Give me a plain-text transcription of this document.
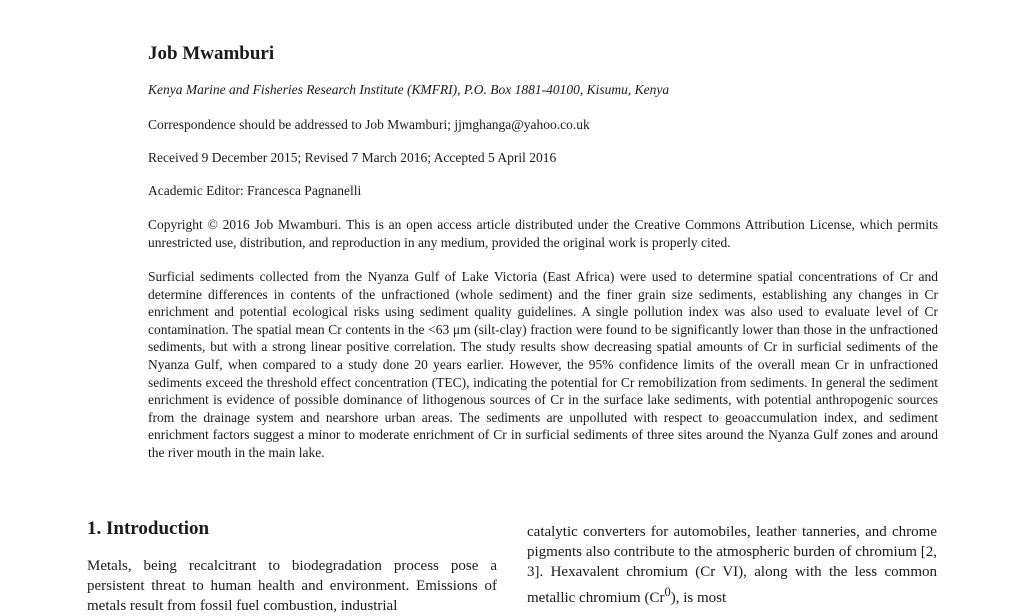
Job Mwamburi

Kenya Marine and Fisheries Research Institute (KMFRI), P.O. Box 1881-40100, Kisumu, Kenya

Correspondence should be addressed to Job Mwamburi; jjmghanga@yahoo.co.uk

Received 9 December 2015; Revised 7 March 2016; Accepted 5 April 2016

Academic Editor: Francesca Pagnanelli

Copyright © 2016 Job Mwamburi. This is an open access article distributed under the Creative Commons Attribution License, which permits unrestricted use, distribution, and reproduction in any medium, provided the original work is properly cited.

Surficial sediments collected from the Nyanza Gulf of Lake Victoria (East Africa) were used to determine spatial concentrations of Cr and determine differences in contents of the unfractioned (whole sediment) and the finer grain size sediments, establishing any changes in Cr enrichment and potential ecological risks using sediment quality guidelines. A single pollution index was also used to evaluate level of Cr contamination. The spatial mean Cr contents in the <63 μm (silt-clay) fraction were found to be significantly lower than those in the unfractioned sediments, but with a strong linear positive correlation. The study results show decreasing spatial amounts of Cr in surficial sediments of the Nyanza Gulf, when compared to a study done 20 years earlier. However, the 95% confidence limits of the overall mean Cr in unfractioned sediments exceed the threshold effect concentration (TEC), indicating the potential for Cr remobilization from sediments. In general the sediment enrichment is evidence of possible dominance of lithogenous sources of Cr in the surface lake sediments, with potential anthropogenic sources from the drainage system and nearshore urban areas. The sediments are unpolluted with respect to geoaccumulation index, and sediment enrichment factors suggest a minor to moderate enrichment of Cr in surficial sediments of three sites around the Nyanza Gulf zones and around the river mouth in the main lake.

1. Introduction

Metals, being recalcitrant to biodegradation process pose a persistent threat to human health and environment. Emissions of metals result from fossil fuel combustion, industrial

catalytic converters for automobiles, leather tanneries, and chrome pigments also contribute to the atmospheric burden of chromium [2, 3]. Hexavalent chromium (Cr VI), along with the less common metallic chromium (Cr$^0$), is most
